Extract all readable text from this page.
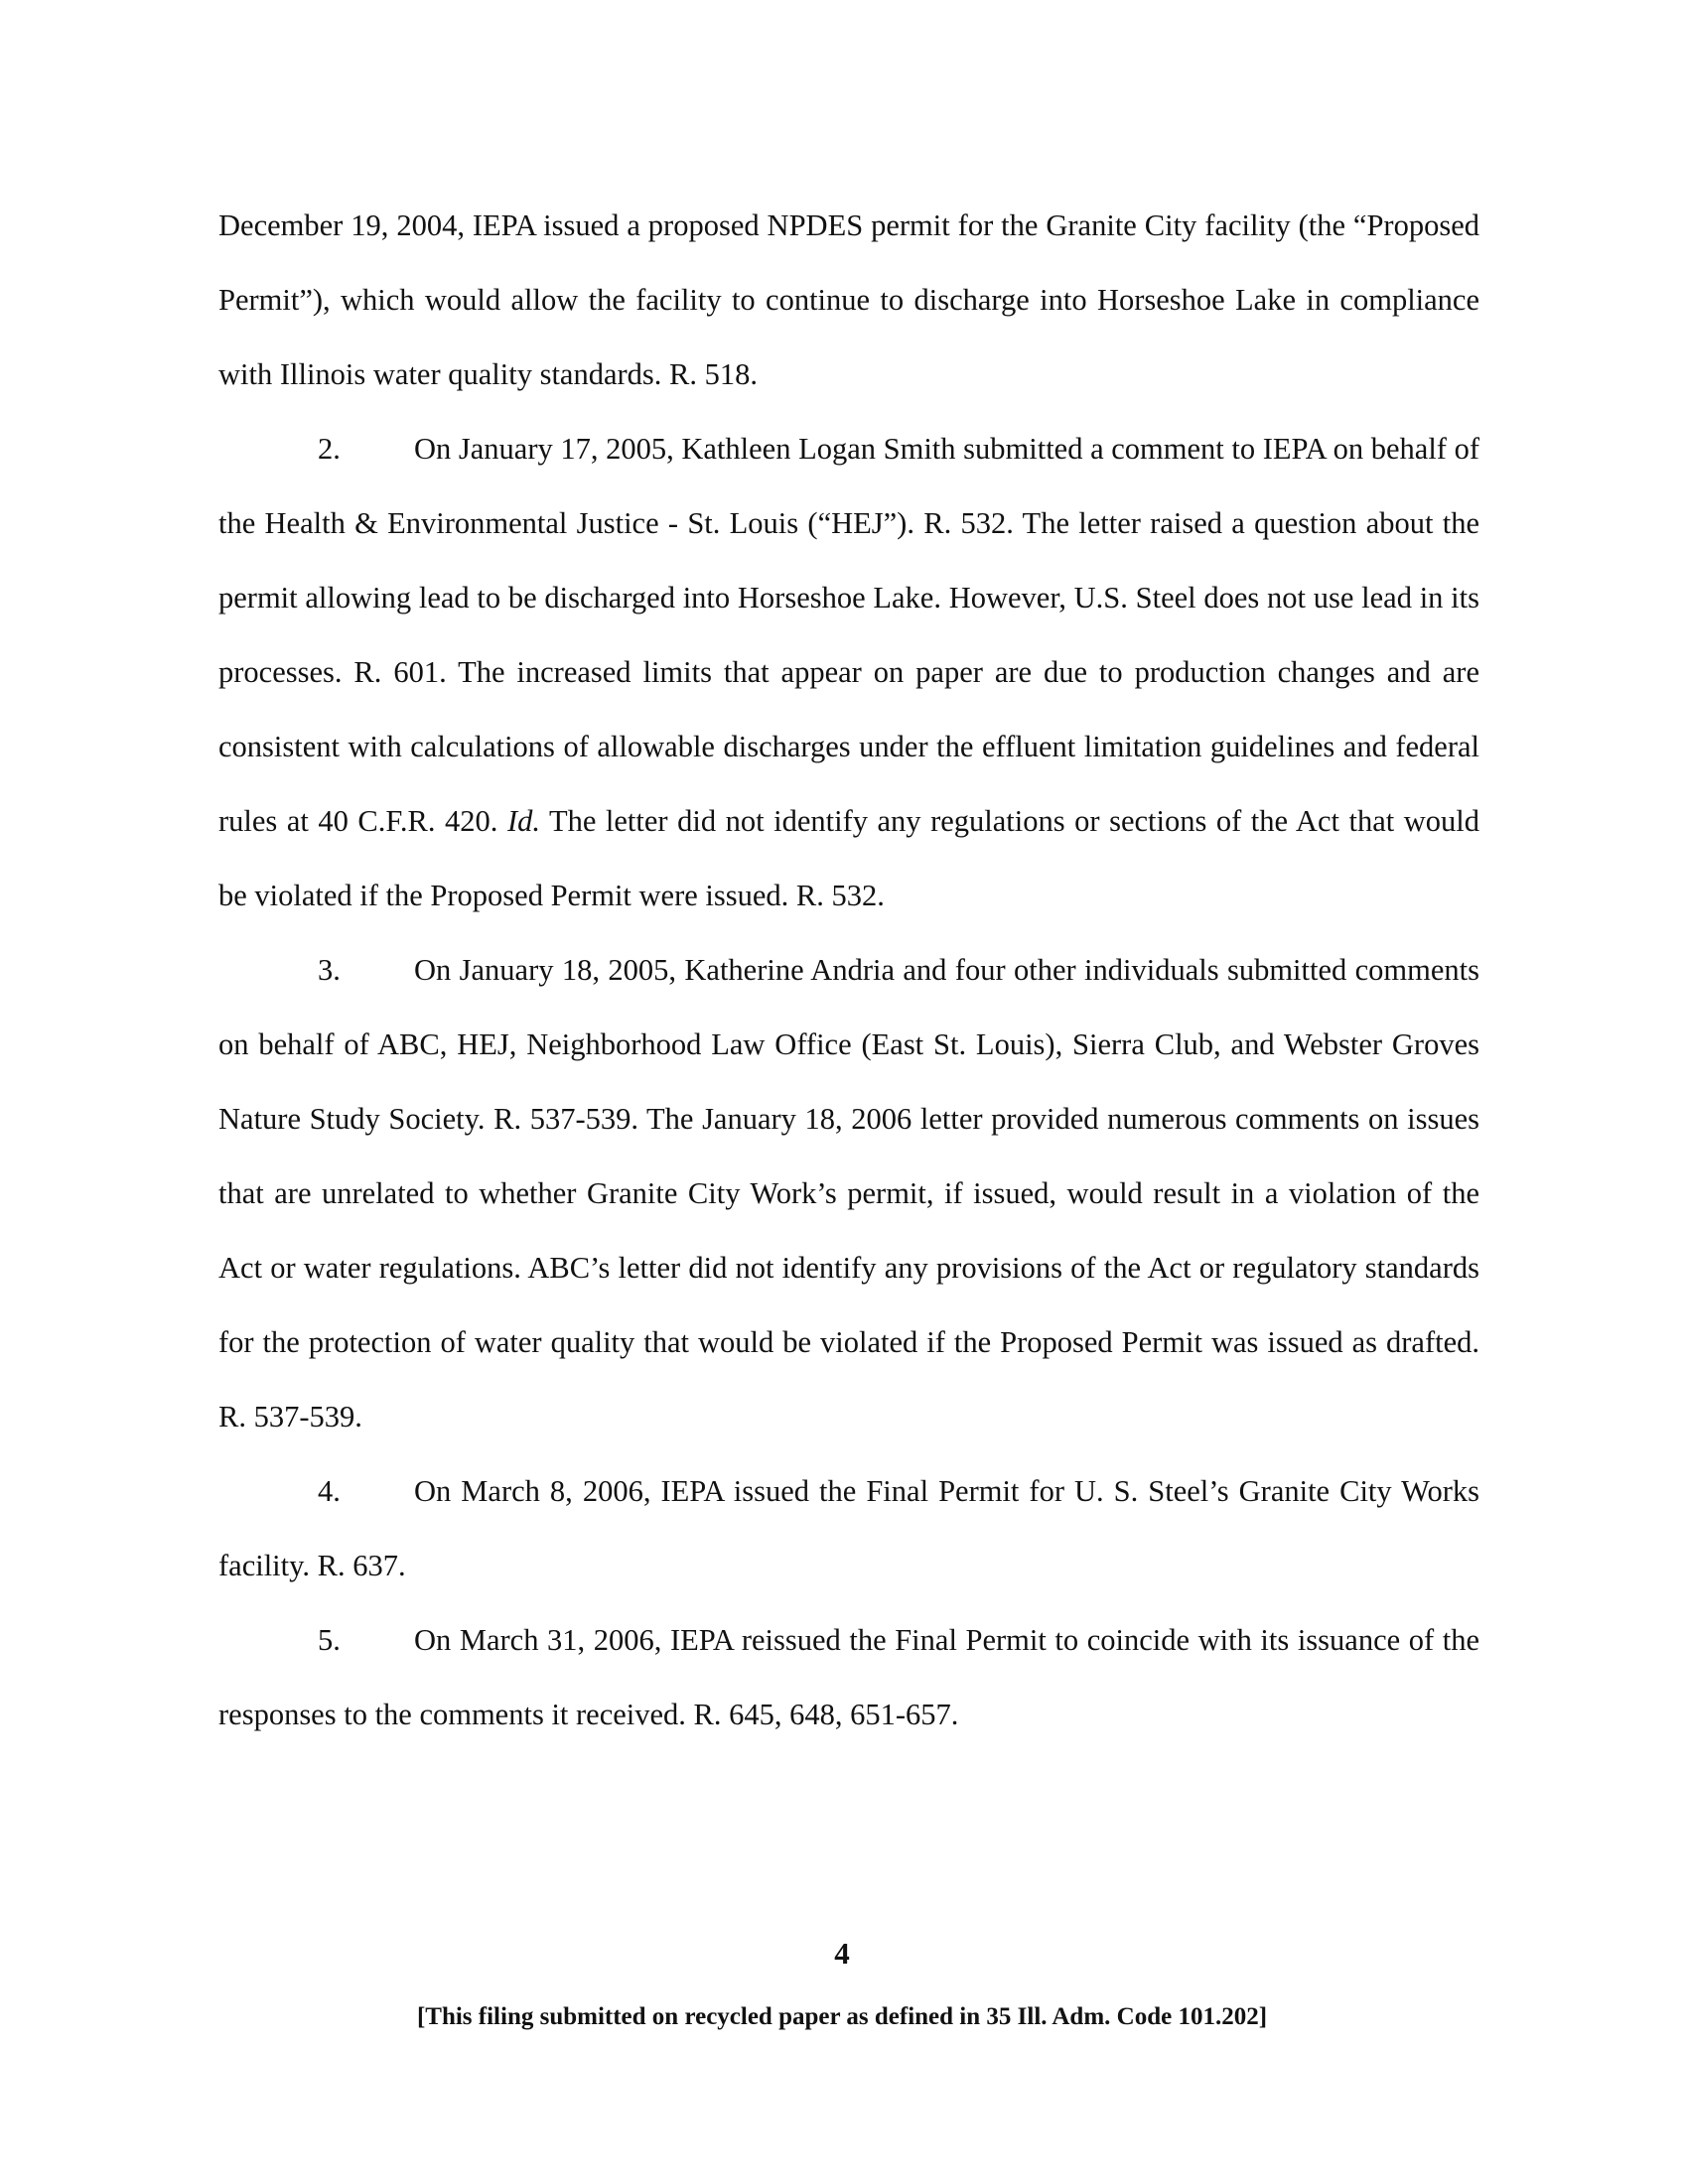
December 19, 2004, IEPA issued a proposed NPDES permit for the Granite City facility (the “Proposed Permit”), which would allow the facility to continue to discharge into Horseshoe Lake in compliance with Illinois water quality standards. R. 518.

2. On January 17, 2005, Kathleen Logan Smith submitted a comment to IEPA on behalf of the Health & Environmental Justice - St. Louis (“HEJ”). R. 532. The letter raised a question about the permit allowing lead to be discharged into Horseshoe Lake. However, U.S. Steel does not use lead in its processes. R. 601. The increased limits that appear on paper are due to production changes and are consistent with calculations of allowable discharges under the effluent limitation guidelines and federal rules at 40 C.F.R. 420. Id. The letter did not identify any regulations or sections of the Act that would be violated if the Proposed Permit were issued. R. 532.

3. On January 18, 2005, Katherine Andria and four other individuals submitted comments on behalf of ABC, HEJ, Neighborhood Law Office (East St. Louis), Sierra Club, and Webster Groves Nature Study Society. R. 537-539. The January 18, 2006 letter provided numerous comments on issues that are unrelated to whether Granite City Work’s permit, if issued, would result in a violation of the Act or water regulations. ABC’s letter did not identify any provisions of the Act or regulatory standards for the protection of water quality that would be violated if the Proposed Permit was issued as drafted. R. 537-539.

4. On March 8, 2006, IEPA issued the Final Permit for U. S. Steel’s Granite City Works facility. R. 637.

5. On March 31, 2006, IEPA reissued the Final Permit to coincide with its issuance of the responses to the comments it received. R. 645, 648, 651-657.

4
[This filing submitted on recycled paper as defined in 35 Ill. Adm. Code 101.202]
